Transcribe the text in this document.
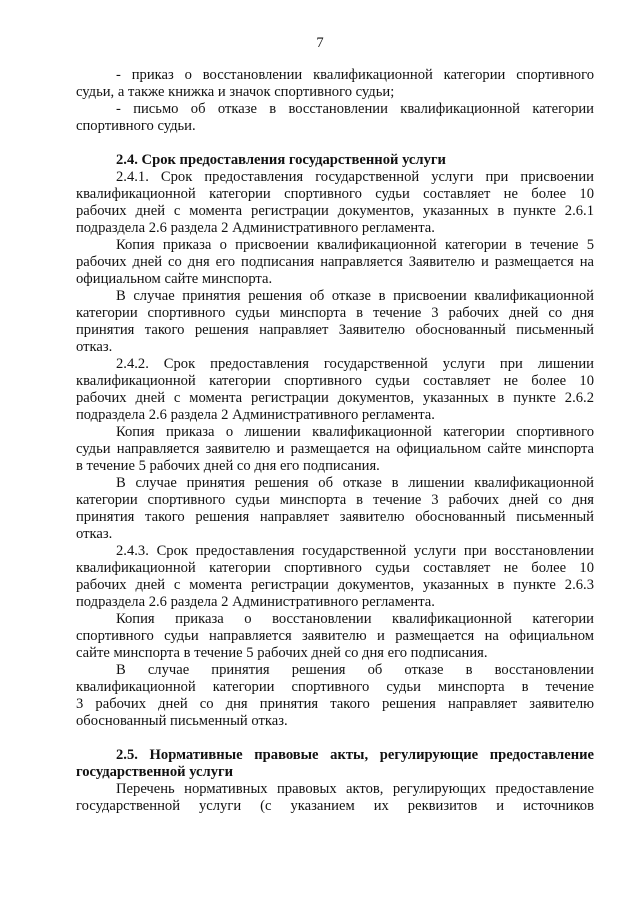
7
- приказ о восстановлении квалификационной категории спортивного
судьи, а также книжка и значок спортивного судьи;
- письмо об отказе в восстановлении квалификационной категории
спортивного судьи.
2.4. Срок предоставления государственной услуги
2.4.1. Срок предоставления государственной услуги при присвоении
квалификационной категории спортивного судьи составляет не более 10
рабочих дней с момента регистрации документов, указанных в пункте 2.6.1
подраздела 2.6 раздела 2 Административного регламента.
Копия приказа о присвоении квалификационной категории в течение 5
рабочих дней со дня его подписания направляется Заявителю и размещается на
официальном сайте минспорта.
В случае принятия решения об отказе в присвоении квалификационной
категории спортивного судьи минспорта в течение 3 рабочих дней со дня
принятия такого решения направляет Заявителю обоснованный письменный
отказ.
2.4.2. Срок предоставления государственной услуги при лишении
квалификационной категории спортивного судьи составляет не более 10
рабочих дней с момента регистрации документов, указанных в пункте 2.6.2
подраздела 2.6 раздела 2 Административного регламента.
Копия приказа о лишении квалификационной категории спортивного
судьи направляется заявителю и размещается на официальном сайте минспорта
в течение 5 рабочих дней со дня его подписания.
В случае принятия решения об отказе в лишении квалификационной
категории спортивного судьи минспорта в течение 3 рабочих дней со дня
принятия такого решения направляет заявителю обоснованный письменный
отказ.
2.4.3. Срок предоставления государственной услуги при восстановлении
квалификационной категории спортивного судьи составляет не более 10
рабочих дней с момента регистрации документов, указанных в пункте 2.6.3
подраздела 2.6 раздела 2 Административного регламента.
Копия приказа о восстановлении квалификационной категории
спортивного судьи направляется заявителю и размещается на официальном
сайте минспорта в течение 5 рабочих дней со дня его подписания.
В случае принятия решения об отказе в восстановлении
квалификационной категории спортивного судьи минспорта в течение
3 рабочих дней со дня принятия такого решения направляет заявителю
обоснованный письменный отказ.
2.5. Нормативные правовые акты, регулирующие предоставление
государственной услуги
Перечень нормативных правовых актов, регулирующих предоставление
государственной услуги (с указанием их реквизитов и источников
